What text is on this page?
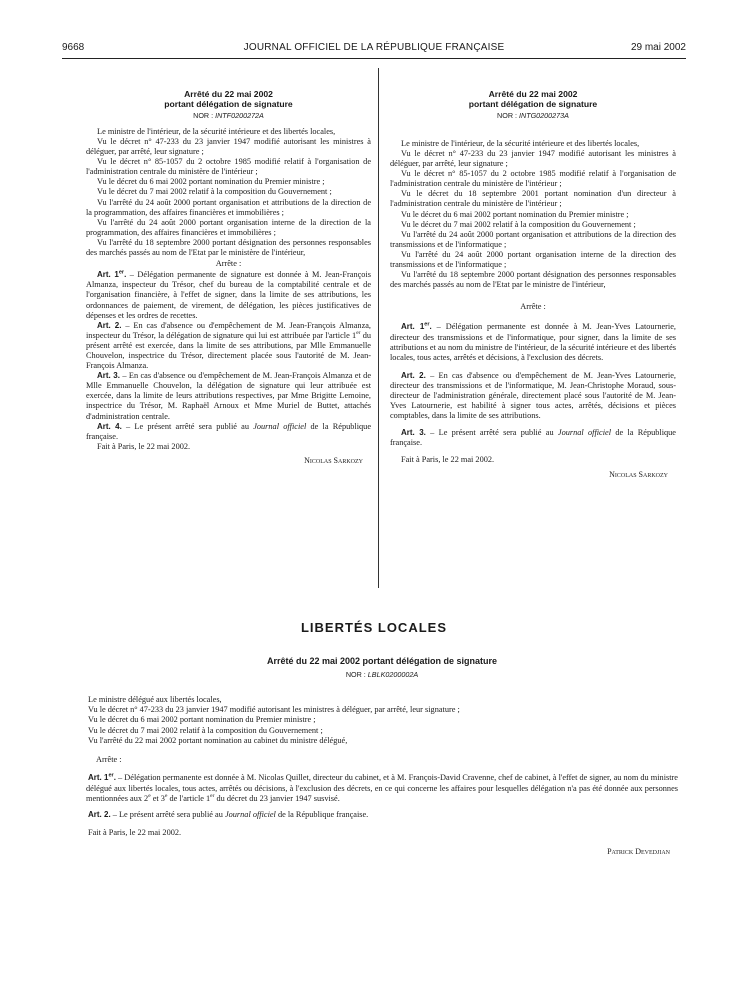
9668	JOURNAL OFFICIEL DE LA RÉPUBLIQUE FRANÇAISE	29 mai 2002
Arrêté du 22 mai 2002
portant délégation de signature
NOR : INTF0200272A

Le ministre de l'intérieur, de la sécurité intérieure et des libertés locales,

Vu le décret n° 47-233 du 23 janvier 1947 modifié autorisant les ministres à déléguer, par arrêté, leur signature ;

Vu le décret n° 85-1057 du 2 octobre 1985 modifié relatif à l'organisation de l'administration centrale du ministère de l'intérieur ;

Vu le décret du 6 mai 2002 portant nomination du Premier ministre ;

Vu le décret du 7 mai 2002 relatif à la composition du Gouvernement ;

Vu l'arrêté du 24 août 2000 portant organisation et attributions de la direction de la programmation, des affaires financières et immobilières ;

Vu l'arrêté du 24 août 2000 portant organisation interne de la direction de la programmation, des affaires financières et immobilières ;

Vu l'arrêté du 18 septembre 2000 portant désignation des personnes responsables des marchés passés au nom de l'Etat par le ministère de l'intérieur,

Arrête :

Art. 1er. – Délégation permanente de signature est donnée à M. Jean-François Almanza, inspecteur du Trésor, chef du bureau de la comptabilité centrale et de l'organisation financière, à l'effet de signer, dans la limite de ses attributions, les ordonnances de paiement, de virement, de délégation, les pièces justificatives de dépenses et les ordres de recettes.

Art. 2. – En cas d'absence ou d'empêchement de M. Jean-François Almanza, inspecteur du Trésor, la délégation de signature qui lui est attribuée par l'article 1er du présent arrêté est exercée, dans la limite de ses attributions, par Mlle Emmanuelle Chouvelon, inspectrice du Trésor, directement placée sous l'autorité de M. Jean-François Almanza.

Art. 3. – En cas d'absence ou d'empêchement de M. Jean-François Almanza et de Mlle Emmanuelle Chouvelon, la délégation de signature qui leur attribuée est exercée, dans la limite de leurs attributions respectives, par Mme Brigitte Lemoine, inspectrice du Trésor, M. Raphaël Arnoux et Mme Muriel de Buttet, attachés d'administration centrale.

Art. 4. – Le présent arrêté sera publié au Journal officiel de la République française.

Fait à Paris, le 22 mai 2002.

Nicolas Sarkozy

Arrêté du 22 mai 2002
portant délégation de signature
NOR : INTG0200273A

Le ministre de l'intérieur, de la sécurité intérieure et des libertés locales,

Vu le décret n° 47-233 du 23 janvier 1947 modifié autorisant les ministres à déléguer, par arrêté, leur signature ;

Vu le décret n° 85-1057 du 2 octobre 1985 modifié relatif à l'organisation de l'administration centrale du ministère de l'intérieur ;

Vu le décret du 18 septembre 2001 portant nomination d'un directeur à l'administration centrale du ministère de l'intérieur ;

Vu le décret du 6 mai 2002 portant nomination du Premier ministre ;

Vu le décret du 7 mai 2002 relatif à la composition du Gouvernement ;

Vu l'arrêté du 24 août 2000 portant organisation et attributions de la direction des transmissions et de l'informatique ;

Vu l'arrêté du 24 août 2000 portant organisation interne de la direction des transmissions et de l'informatique ;

Vu l'arrêté du 18 septembre 2000 portant désignation des personnes responsables des marchés passés au nom de l'Etat par le ministre de l'intérieur,

Arrête :

Art. 1er. – Délégation permanente est donnée à M. Jean-Yves Latournerie, directeur des transmissions et de l'informatique, pour signer, dans la limite de ses attributions et au nom du ministre de l'intérieur, de la sécurité intérieure et des libertés locales, tous actes, arrêtés et décisions, à l'exclusion des décrets.

Art. 2. – En cas d'absence ou d'empêchement de M. Jean-Yves Latournerie, directeur des transmissions et de l'informatique, M. Jean-Christophe Moraud, sous-directeur de l'administration générale, directement placé sous l'autorité de M. Jean-Yves Latournerie, est habilité à signer tous actes, arrêtés, décisions et pièces comptables, dans la limite de ses attributions.

Art. 3. – Le présent arrêté sera publié au Journal officiel de la République française.

Fait à Paris, le 22 mai 2002.

Nicolas Sarkozy

LIBERTÉS LOCALES
Arrêté du 22 mai 2002 portant délégation de signature
NOR : LBLK0200002A

Le ministre délégué aux libertés locales,

Vu le décret n° 47-233 du 23 janvier 1947 modifié autorisant les ministres à déléguer, par arrêté, leur signature ;

Vu le décret du 6 mai 2002 portant nomination du Premier ministre ;

Vu le décret du 7 mai 2002 relatif à la composition du Gouvernement ;

Vu l'arrêté du 22 mai 2002 portant nomination au cabinet du ministre délégué,

Arrête :

Art. 1er. – Délégation permanente est donnée à M. Nicolas Quillet, directeur du cabinet, et à M. François-David Cravenne, chef de cabinet, à l'effet de signer, au nom du ministre délégué aux libertés locales, tous actes, arrêtés ou décisions, à l'exclusion des décrets, en ce qui concerne les affaires pour lesquelles délégation n'a pas été donnée aux personnes mentionnées aux 2e et 3e de l'article 1er du décret du 23 janvier 1947 susvisé.

Art. 2. – Le présent arrêté sera publié au Journal officiel de la République française.

Fait à Paris, le 22 mai 2002.

Patrick Devedjian
